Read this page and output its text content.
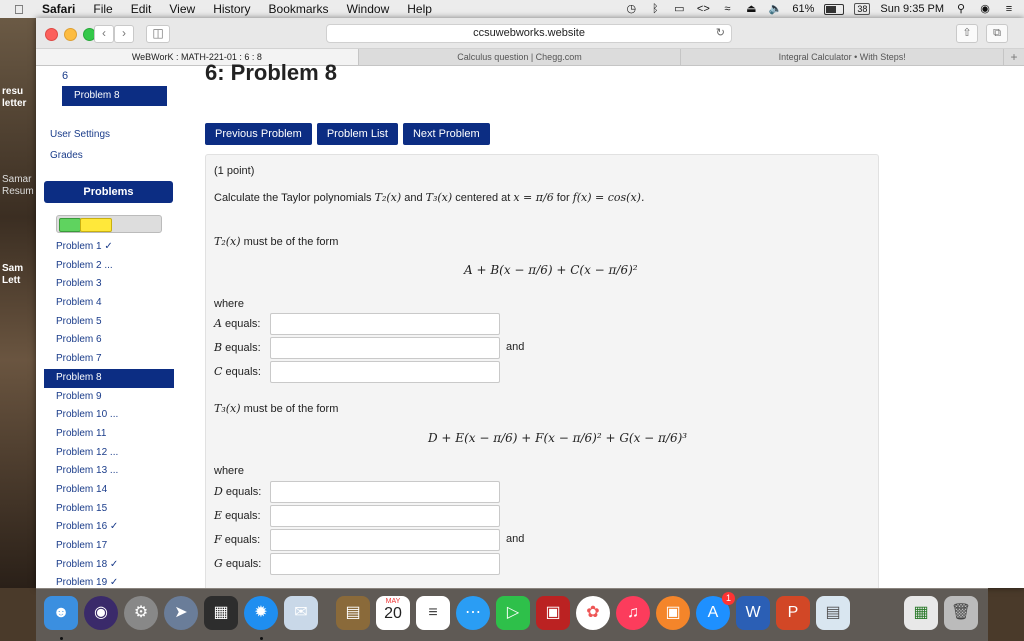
Safari File Edit View History Bookmarks Window Help	◷	ᛒ	▭ <>	≈	⏏ 🔈 61%	38 Sun 9:35 PM ⚲ ◉	≡
resu
letter
Samar
Resum
Sam
Lett
‹	›	◫	ccsuwebworks.website	↻	⇧	⧉
WeBWorK : MATH-221-01 : 6 : 8	Calculus question | Chegg.com	Integral Calculator • With Steps!	+
6
Problem 8
User Settings
Grades
Problems
Problem 1 ✓
Problem 2 ...
Problem 3
Problem 4
Problem 5
Problem 6
Problem 7
Problem 8
Problem 9
Problem 10 ...
Problem 11
Problem 12 ...
Problem 13 ...
Problem 14
Problem 15
Problem 16 ✓
Problem 17
Problem 18 ✓
Problem 19 ✓
6: Problem 8
Previous Problem	Problem List	Next Problem
(1 point)
Calculate the Taylor polynomials T₂(x) and T₃(x) centered at x = π/6 for f(x) = cos(x).
T₂(x) must be of the form
A + B(x − π/6) + C(x − π/6)²
where
A equals:
B equals:	and
C equals:
T₃(x) must be of the form
D + E(x − π/6) + F(x − π/6)² + G(x − π/6)³
where
D equals:
E equals:
F equals:	and
G equals:
☻	◉	⚙	➤	▦	✹	✉	▤
MAY
20	≡	⋯	▷	▣	✿	♫	▣	A
1
W	P	▤	▦	🗑
